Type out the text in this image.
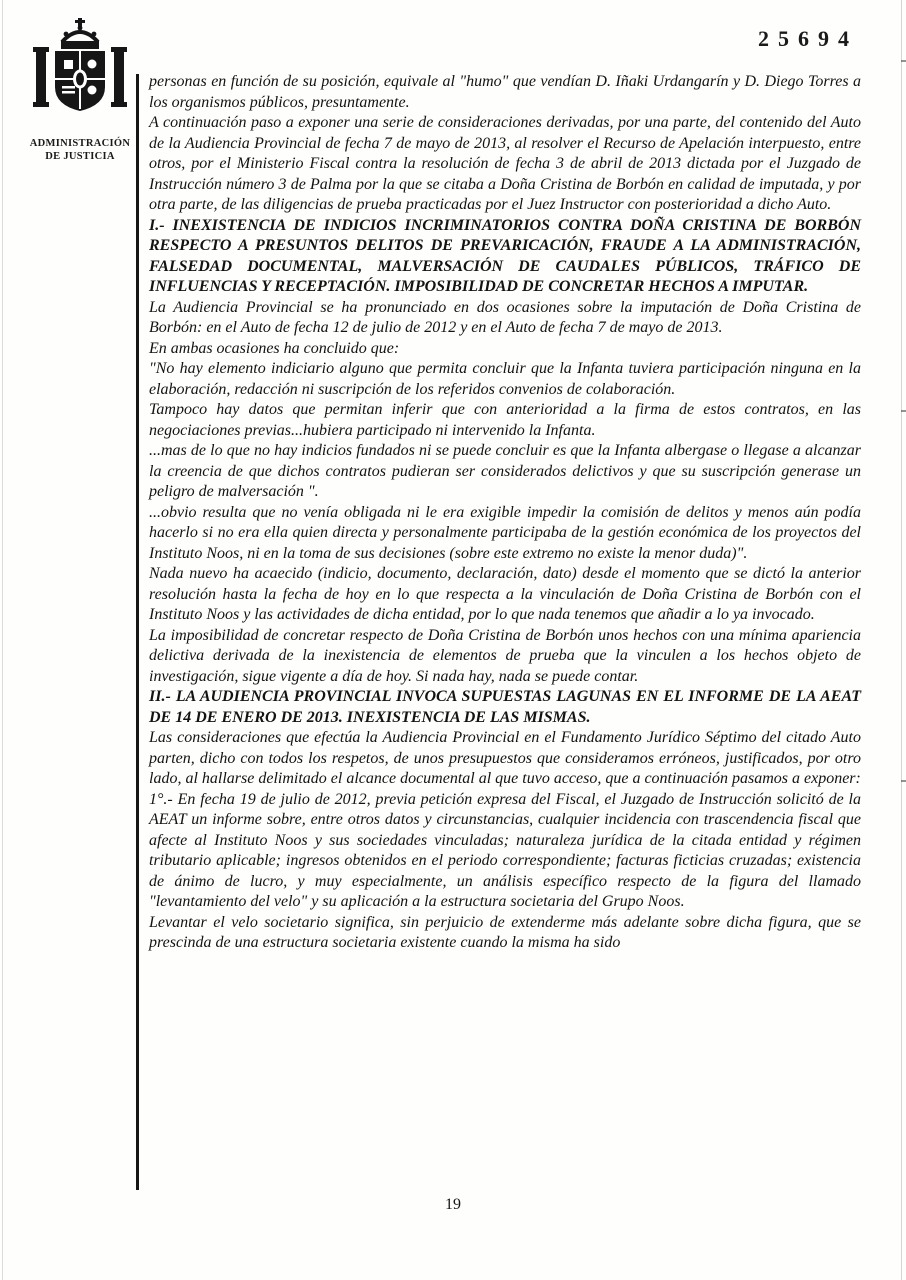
25694
ADMINISTRACIÓN
DE JUSTICIA

personas en función de su posición, equivale al "humo" que vendían D. Iñaki Urdangarín y D. Diego Torres a los organismos públicos, presuntamente.

A continuación paso a exponer una serie de consideraciones derivadas, por una parte, del contenido del Auto de la Audiencia Provincial de fecha 7 de mayo de 2013, al resolver el Recurso de Apelación interpuesto, entre otros, por el Ministerio Fiscal contra la resolución de fecha 3 de abril de 2013 dictada por el Juzgado de Instrucción número 3 de Palma por la que se citaba a Doña Cristina de Borbón en calidad de imputada, y por otra parte, de las diligencias de prueba practicadas por el Juez Instructor con posterioridad a dicho Auto.

I.- INEXISTENCIA DE INDICIOS INCRIMINATORIOS CONTRA DOÑA CRISTINA DE BORBÓN RESPECTO A PRESUNTOS DELITOS DE PREVARICACIÓN, FRAUDE A LA ADMINISTRACIÓN, FALSEDAD DOCUMENTAL, MALVERSACIÓN DE CAUDALES PÚBLICOS, TRÁFICO DE INFLUENCIAS Y RECEPTACIÓN. IMPOSIBILIDAD DE CONCRETAR HECHOS A IMPUTAR.

La Audiencia Provincial se ha pronunciado en dos ocasiones sobre la imputación de Doña Cristina de Borbón: en el Auto de fecha 12 de julio de 2012 y en el Auto de fecha 7 de mayo de 2013.

En ambas ocasiones ha concluido que:

"No hay elemento indiciario alguno que permita concluir que la Infanta tuviera participación ninguna en la elaboración, redacción ni suscripción de los referidos convenios de colaboración.

Tampoco hay datos que permitan inferir que con anterioridad a la firma de estos contratos, en las negociaciones previas...hubiera participado ni intervenido la Infanta.

...mas de lo que no hay indicios fundados ni se puede concluir es que la Infanta albergase o llegase a alcanzar la creencia de que dichos contratos pudieran ser considerados delictivos y que su suscripción generase un peligro de malversación ".

...obvio resulta que no venía obligada ni le era exigible impedir la comisión de delitos y menos aún podía hacerlo si no era ella quien directa y personalmente participaba de la gestión económica de los proyectos del Instituto Noos, ni en la toma de sus decisiones (sobre este extremo no existe la menor duda)".

Nada nuevo ha acaecido (indicio, documento, declaración, dato) desde el momento que se dictó la anterior resolución hasta la fecha de hoy en lo que respecta a la vinculación de Doña Cristina de Borbón con el Instituto Noos y las actividades de dicha entidad, por lo que nada tenemos que añadir a lo ya invocado.

La imposibilidad de concretar respecto de Doña Cristina de Borbón unos hechos con una mínima apariencia delictiva derivada de la inexistencia de elementos de prueba que la vinculen a los hechos objeto de investigación, sigue vigente a día de hoy. Si nada hay, nada se puede contar.

II.- LA AUDIENCIA PROVINCIAL INVOCA SUPUESTAS LAGUNAS EN EL INFORME DE LA AEAT DE 14 DE ENERO DE 2013. INEXISTENCIA DE LAS MISMAS.

Las consideraciones que efectúa la Audiencia Provincial en el Fundamento Jurídico Séptimo del citado Auto parten, dicho con todos los respetos, de unos presupuestos que consideramos erróneos, justificados, por otro lado, al hallarse delimitado el alcance documental al que tuvo acceso, que a continuación pasamos a exponer:

1°.- En fecha 19 de julio de 2012, previa petición expresa del Fiscal, el Juzgado de Instrucción solicitó de la AEAT un informe sobre, entre otros datos y circunstancias, cualquier incidencia con trascendencia fiscal que afecte al Instituto Noos y sus sociedades vinculadas; naturaleza jurídica de la citada entidad y régimen tributario aplicable; ingresos obtenidos en el periodo correspondiente; facturas ficticias cruzadas; existencia de ánimo de lucro, y muy especialmente, un análisis específico respecto de la figura del llamado "levantamiento del velo" y su aplicación a la estructura societaria del Grupo Noos.

Levantar el velo societario significa, sin perjuicio de extenderme más adelante sobre dicha figura, que se prescinda de una estructura societaria existente cuando la misma ha sido

19
